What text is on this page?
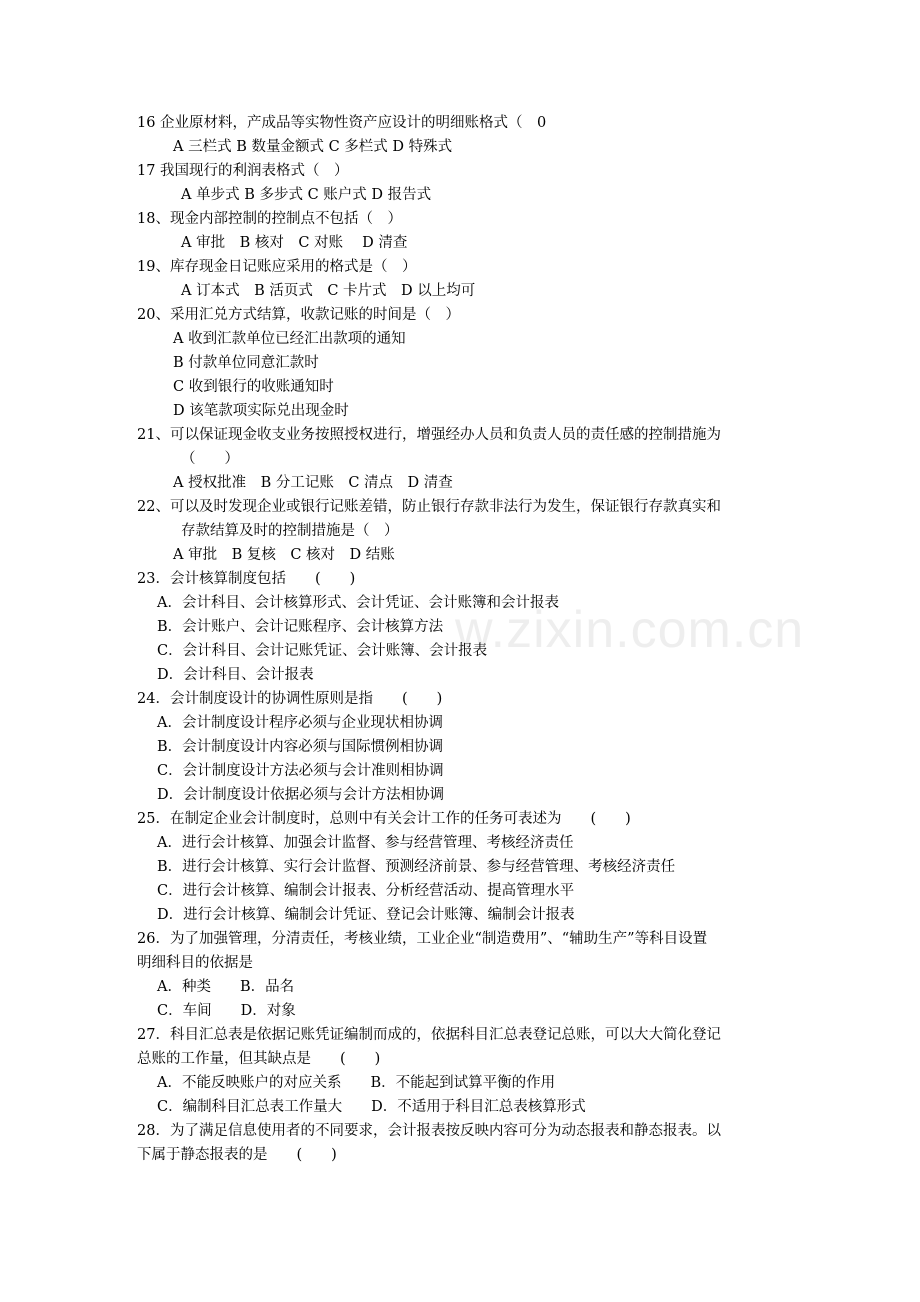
w.zixin.com.cn
16 企业原材料，产成品等实物性资产应设计的明细账格式（　0
A 三栏式 B 数量金额式 C 多栏式 D 特殊式
17 我国现行的利润表格式（　）
A 单步式 B 多步式 C 账户式 D 报告式
18、现金内部控制的控制点不包括（　）
A 审批　B 核对　C 对账　 D 清查
19、库存现金日记账应采用的格式是（　）
A 订本式　B 活页式　C 卡片式　D 以上均可
20、采用汇兑方式结算，收款记账的时间是（　）
A 收到汇款单位已经汇出款项的通知
B 付款单位同意汇款时
C 收到银行的收账通知时
D 该笔款项实际兑出现金时
21、可以保证现金收支业务按照授权进行，增强经办人员和负责人员的责任感的控制措施为
（　　）
A 授权批准　B 分工记账　C 清点　D 清查
22、可以及时发现企业或银行记账差错，防止银行存款非法行为发生，保证银行存款真实和
存款结算及时的控制措施是（　）
A 审批　B 复核　C 核对　D 结账
23．会计核算制度包括　　(　　)
A．会计科目、会计核算形式、会计凭证、会计账簿和会计报表
B．会计账户、会计记账程序、会计核算方法
C．会计科目、会计记账凭证、会计账簿、会计报表
D．会计科目、会计报表
24．会计制度设计的协调性原则是指　　(　　)
A．会计制度设计程序必须与企业现状相协调
B．会计制度设计内容必须与国际惯例相协调
C．会计制度设计方法必须与会计准则相协调
D．会计制度设计依据必须与会计方法相协调
25．在制定企业会计制度时，总则中有关会计工作的任务可表述为　　(　　)
A．进行会计核算、加强会计监督、参与经营管理、考核经济责任
B．进行会计核算、实行会计监督、预测经济前景、参与经营管理、考核经济责任
C．进行会计核算、编制会计报表、分析经营活动、提高管理水平
D．进行会计核算、编制会计凭证、登记会计账簿、编制会计报表
26．为了加强管理，分清责任，考核业绩，工业企业“制造费用”、“辅助生产”等科目设置
明细科目的依据是
A．种类　　B．品名
C．车间　　D．对象
27．科目汇总表是依据记账凭证编制而成的，依据科目汇总表登记总账，可以大大简化登记
总账的工作量，但其缺点是　　(　　)
A．不能反映账户的对应关系　　B．不能起到试算平衡的作用
C．编制科目汇总表工作量大　　D．不适用于科目汇总表核算形式
28．为了满足信息使用者的不同要求，会计报表按反映内容可分为动态报表和静态报表。以
下属于静态报表的是　　(　　)
